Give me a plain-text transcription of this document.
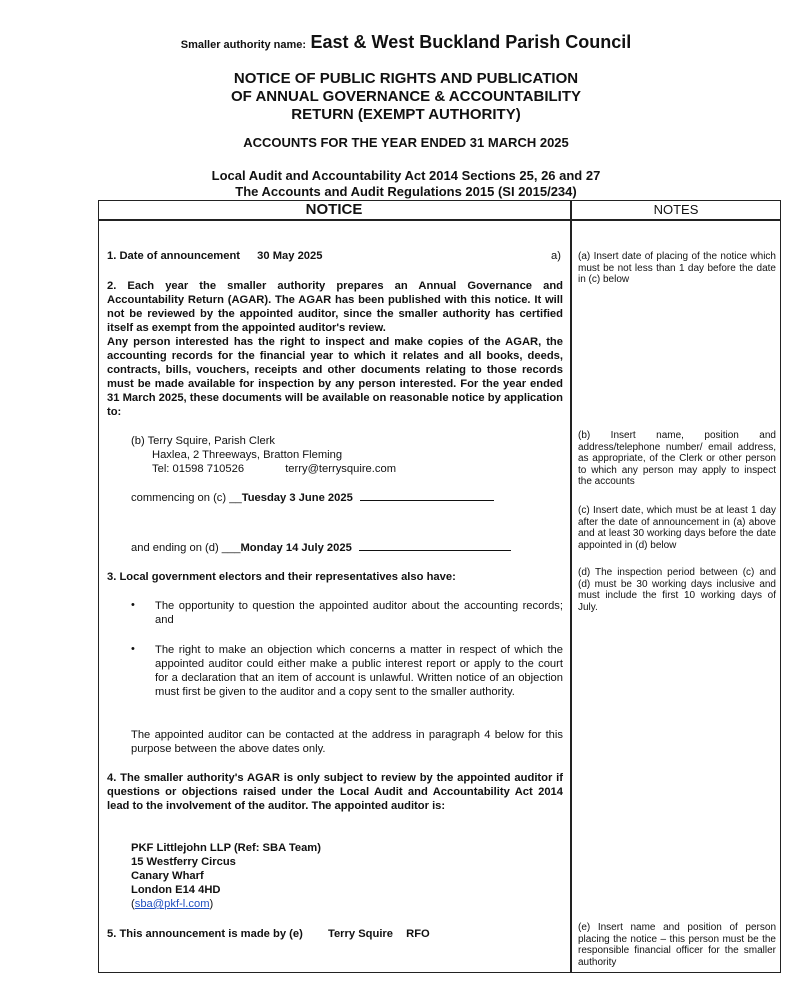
Smaller authority name: East & West Buckland Parish Council
NOTICE OF PUBLIC RIGHTS AND PUBLICATION
OF ANNUAL GOVERNANCE & ACCOUNTABILITY
RETURN (EXEMPT AUTHORITY)
ACCOUNTS FOR THE YEAR ENDED 31 MARCH 2025
Local Audit and Accountability Act 2014 Sections 25, 26 and 27
The Accounts and Audit Regulations 2015 (SI 2015/234)
NOTICE	NOTES
1. Date of announcement 30 May 2025	a)
2. Each year the smaller authority prepares an Annual Governance and Accountability Return (AGAR). The AGAR has been published with this notice. It will not be reviewed by the appointed auditor, since the smaller authority has certified itself as exempt from the appointed auditor's review.
Any person interested has the right to inspect and make copies of the AGAR, the accounting records for the financial year to which it relates and all books, deeds, contracts, bills, vouchers, receipts and other documents relating to those records must be made available for inspection by any person interested. For the year ended 31 March 2025, these documents will be available on reasonable notice by application to:
(b) Terry Squire, Parish Clerk
Haxlea, 2 Threeways, Bratton Fleming
Tel: 01598 710526	terry@terrysquire.com
commencing on (c) __Tuesday 3 June 2025
and ending on (d) ___Monday 14 July 2025
3. Local government electors and their representatives also have:
• The opportunity to question the appointed auditor about the accounting records; and
• The right to make an objection which concerns a matter in respect of which the appointed auditor could either make a public interest report or apply to the court for a declaration that an item of account is unlawful. Written notice of an objection must first be given to the auditor and a copy sent to the smaller authority.
The appointed auditor can be contacted at the address in paragraph 4 below for this purpose between the above dates only.
4. The smaller authority's AGAR is only subject to review by the appointed auditor if questions or objections raised under the Local Audit and Accountability Act 2014 lead to the involvement of the auditor. The appointed auditor is:
PKF Littlejohn LLP (Ref: SBA Team)
15 Westferry Circus
Canary Wharf
London E14 4HD
(sba@pkf-l.com)
5. This announcement is made by (e) Terry Squire RFO
(a) Insert date of placing of the notice which must be not less than 1 day before the date in (c) below
(b) Insert name, position and address/telephone number/ email address, as appropriate, of the Clerk or other person to which any person may apply to inspect the accounts
(c) Insert date, which must be at least 1 day after the date of announcement in (a) above and at least 30 working days before the date appointed in (d) below
(d) The inspection period between (c) and (d) must be 30 working days inclusive and must include the first 10 working days of July.
(e) Insert name and position of person placing the notice – this person must be the responsible financial officer for the smaller authority
